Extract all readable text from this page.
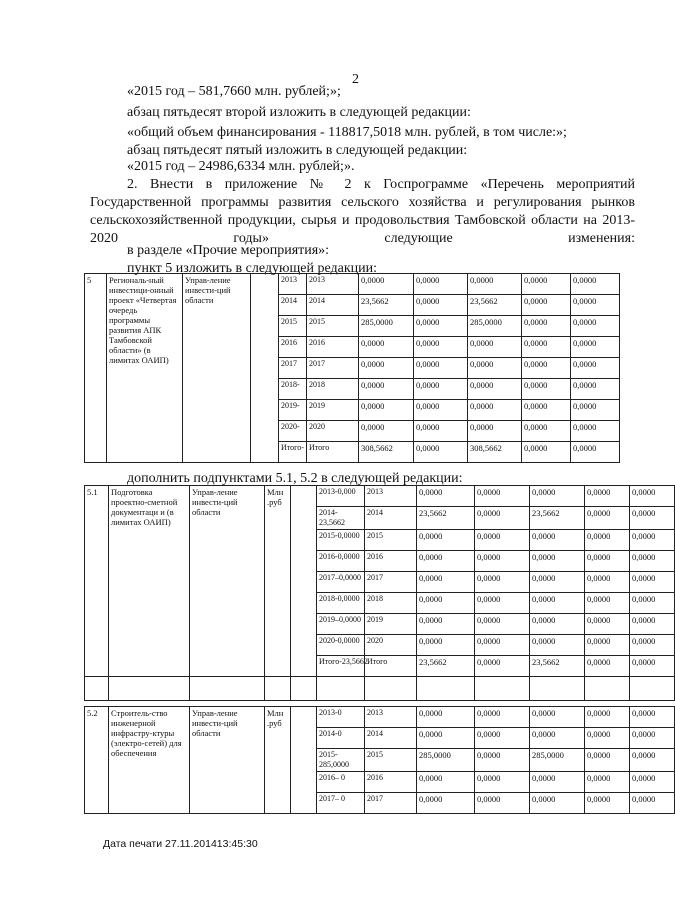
2
«2015 год – 581,7660 млн. рублей;»;
абзац пятьдесят второй изложить в следующей редакции:
«общий объем финансирования - 118817,5018 млн. рублей, в том числе:»;
абзац пятьдесят пятый изложить в следующей редакции:
«2015 год – 24986,6334 млн. рублей;».
2. Внести в приложение № 2 к Госпрограмме «Перечень мероприятий Государственной программы развития сельского хозяйства и регулирования рынков сельскохозяйственной продукции, сырья и продовольствия Тамбовской области на 2013-2020 годы» следующие изменения:
в разделе «Прочие мероприятия»:
пункт 5 изложить в следующей редакции:
5	Региональ-ный инвестици-онный проект «Четвертая очередь программы развития АПК Тамбовской области» (в лимитах ОАИП)	Управ-ление инвести-ций области		2013	2013	0,0000	0,0000	0,0000	0,0000	0,0000
				2014	2014	23,5662	0,0000	23,5662	0,0000	0,0000
				2015	2015	285,0000	0,0000	285,0000	0,0000	0,0000
				2016	2016	0,0000	0,0000	0,0000	0,0000	0,0000
				2017	2017	0,0000	0,0000	0,0000	0,0000	0,0000
				2018-	2018	0,0000	0,0000	0,0000	0,0000	0,0000
				2019-	2019	0,0000	0,0000	0,0000	0,0000	0,0000
				2020-	2020	0,0000	0,0000	0,0000	0,0000	0,0000
				Итого-	Итого	308,5662	0,0000	308,5662	0,0000	0,0000
дополнить подпунктами 5.1, 5.2 в следующей редакции:
5.1	Подготовка проектно-сметной документаци и (в лимитах ОАИП)	Управ-ление инвести-ций области	Млн .руб		2013-0,000	2013	0,0000	0,0000	0,0000	0,0000	0,0000
					2014-23,5662	2014	23,5662	0,0000	23,5662	0,0000	0,0000
					2015-0,0000	2015	0,0000	0,0000	0,0000	0,0000	0,0000
					2016-0,0000	2016	0,0000	0,0000	0,0000	0,0000	0,0000
					2017–0,0000	2017	0,0000	0,0000	0,0000	0,0000	0,0000
					2018-0,0000	2018	0,0000	0,0000	0,0000	0,0000	0,0000
					2019–0,0000	2019	0,0000	0,0000	0,0000	0,0000	0,0000
					2020-0,0000	2020	0,0000	0,0000	0,0000	0,0000	0,0000
					Итого-23,5662	Итого	23,5662	0,0000	23,5662	0,0000	0,0000

5.2	Строитель-ство инженерной инфрастру-ктуры (электро-сетей) для обеспечения	Управ-ление инвести-ций области	Млн .руб		2013-0	2013	0,0000	0,0000	0,0000	0,0000	0,0000
					2014-0	2014	0,0000	0,0000	0,0000	0,0000	0,0000
					2015-285,0000	2015	285,0000	0,0000	285,0000	0,0000	0,0000
					2016– 0	2016	0,0000	0,0000	0,0000	0,0000	0,0000
					2017– 0	2017	0,0000	0,0000	0,0000	0,0000	0,0000
Дата печати 27.11.201413:45:30
